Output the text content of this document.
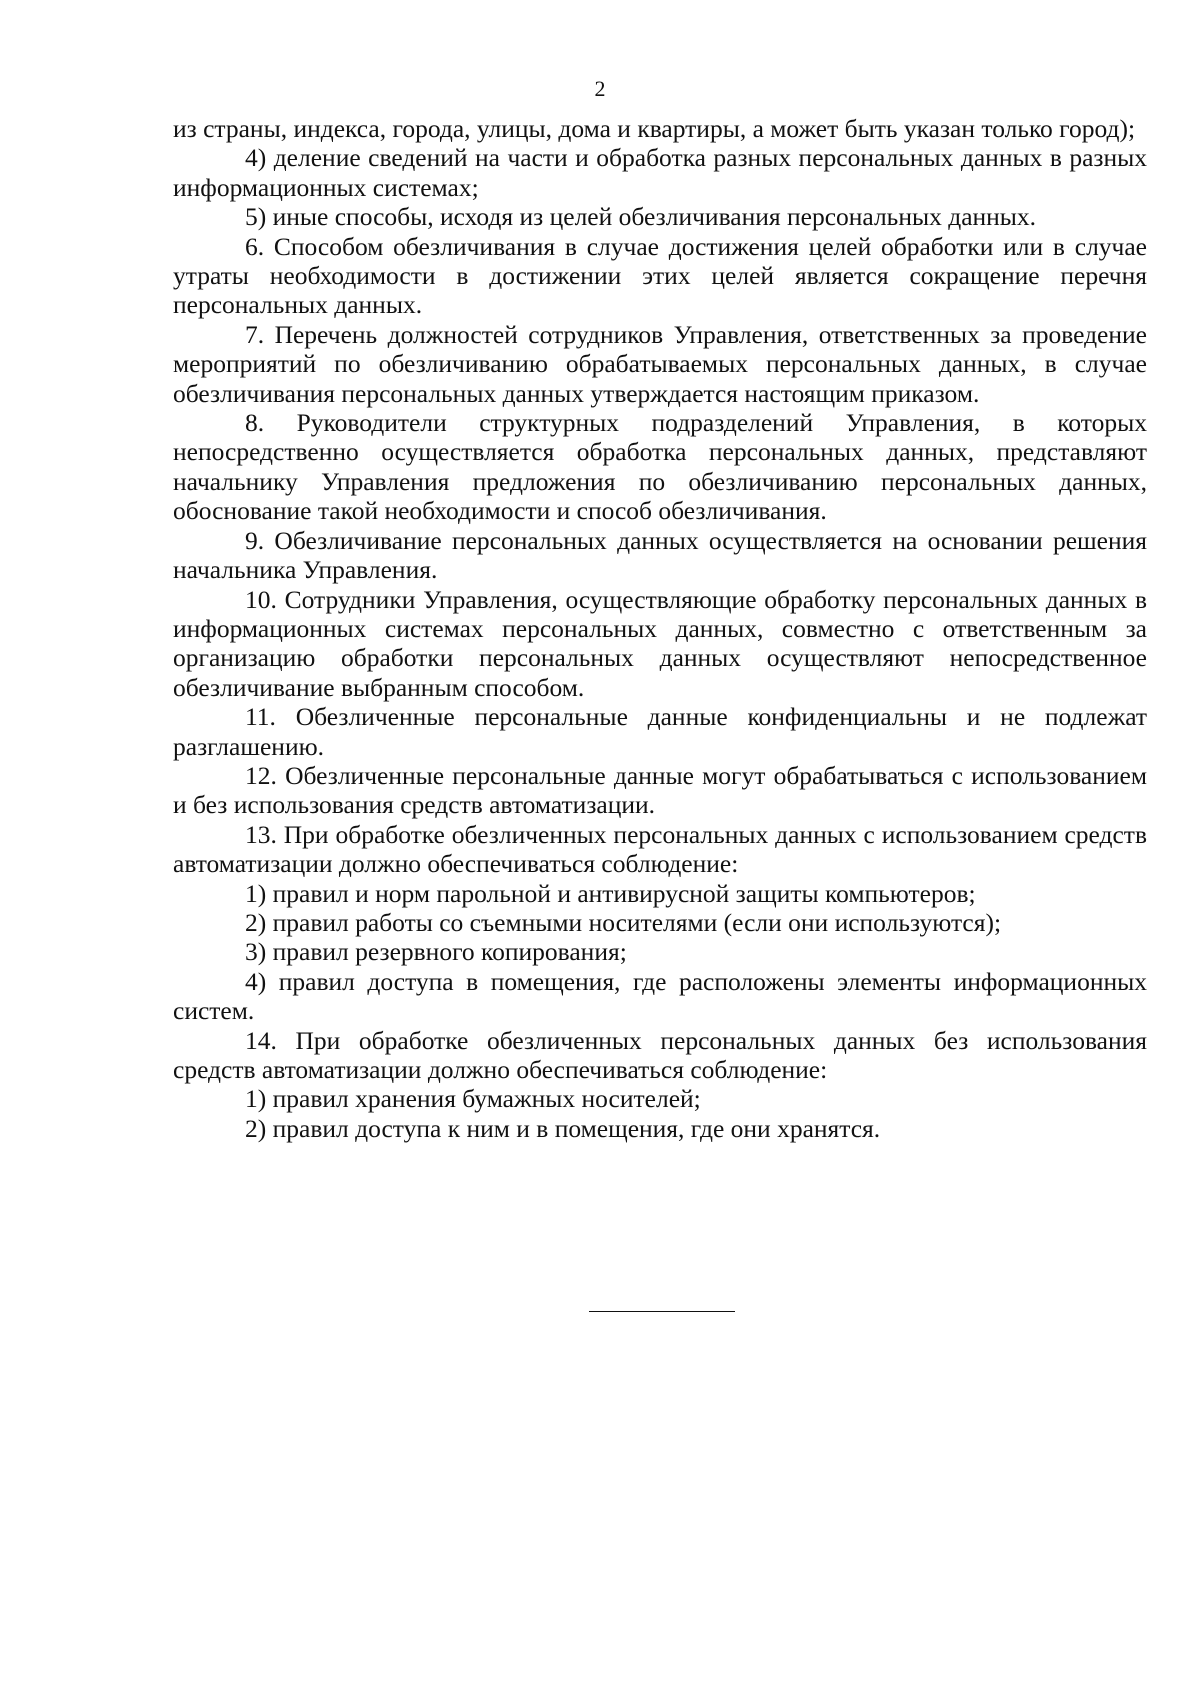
2

из страны, индекса, города, улицы, дома и квартиры, а может быть указан только город);

4) деление сведений на части и обработка разных персональных данных в разных информационных системах;

5) иные способы, исходя из целей обезличивания персональных данных.

6. Способом обезличивания в случае достижения целей обработки или в случае утраты необходимости в достижении этих целей является сокращение перечня персональных данных.

7. Перечень должностей сотрудников Управления, ответственных за проведение мероприятий по обезличиванию обрабатываемых персональных данных, в случае обезличивания персональных данных утверждается настоящим приказом.

8. Руководители структурных подразделений Управления, в которых непосредственно осуществляется обработка персональных данных, представляют начальнику Управления предложения по обезличиванию персональных данных, обоснование такой необходимости и способ обезличивания.

9. Обезличивание персональных данных осуществляется на основании решения начальника Управления.

10. Сотрудники Управления, осуществляющие обработку персональных данных в информационных системах персональных данных, совместно с ответственным за организацию обработки персональных данных осуществляют непосредственное обезличивание выбранным способом.

11. Обезличенные персональные данные конфиденциальны и не подлежат разглашению.

12. Обезличенные персональные данные могут обрабатываться с использованием и без использования средств автоматизации.

13. При обработке обезличенных персональных данных с использованием средств автоматизации должно обеспечиваться соблюдение:

1) правил и норм парольной и антивирусной защиты компьютеров;

2) правил работы со съемными носителями (если они используются);

3) правил резервного копирования;

4) правил доступа в помещения, где расположены элементы информационных систем.

14. При обработке обезличенных персональных данных без использования средств автоматизации должно обеспечиваться соблюдение:

1) правил хранения бумажных носителей;

2) правил доступа к ним и в помещения, где они хранятся.
